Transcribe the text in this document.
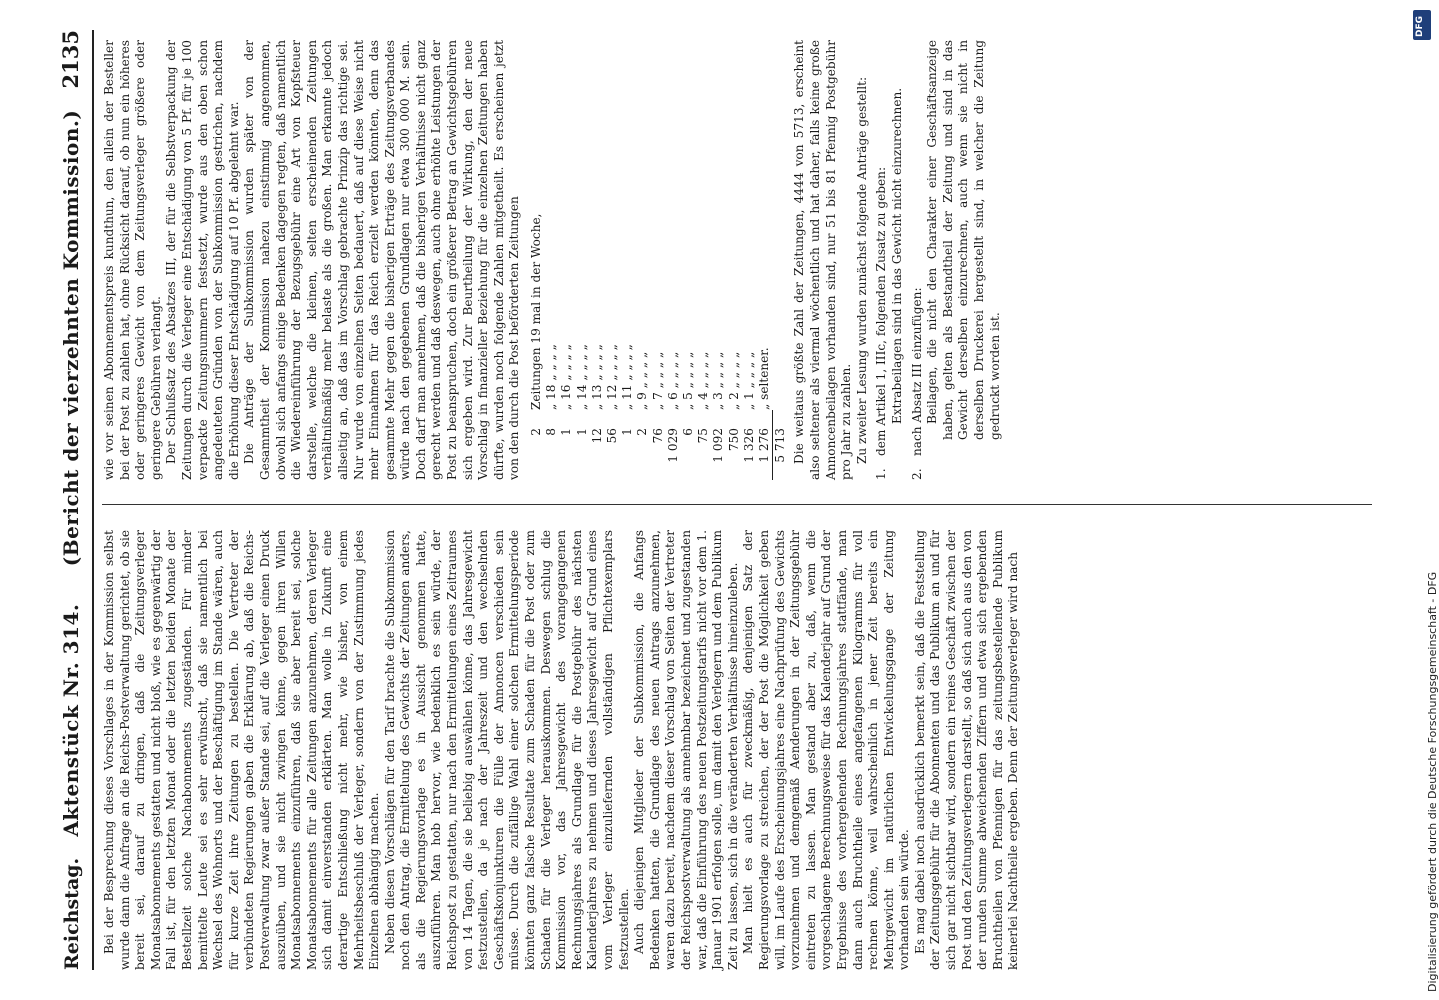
Reichstag.
Aktenstück Nr. 314.     (Bericht der vierzehnten Kommission.)
2135

Bei der Besprechung dieses Vorschlages in der Kommission selbst wurde dann die Anfrage an die Reichs-Postverwaltung gerichtet, ob sie bereit sei, darauf zu dringen, daß die Zeitungsverleger Monatsabonnements gestatten und nicht bloß, wie es gegenwärtig der Fall ist, für den letzten Monat oder die letzten beiden Monate der Bestellzeit solche Nachabonnements zugeständen. Für minder bemittelte Leute sei es sehr erwünscht, daß sie namentlich bei Wechsel des Wohnorts und der Beschäftigung im Stande wären, auch für kurze Zeit ihre Zeitungen zu bestellen. Die Vertreter der verbündeten Regierungen gaben die Erklärung ab, daß die Reichs-Postverwaltung zwar außer Stande sei, auf die Verleger einen Druck auszuüben, und sie nicht zwingen könne, gegen ihren Willen Monatsabonnements einzuführen, daß sie aber bereit sei, solche Monatsabonnements für alle Zeitungen anzunehmen, deren Verleger sich damit einverstanden erklärten. Man wolle in Zukunft eine derartige Entschließung nicht mehr, wie bisher, von einem Mehrheitsbeschluß der Verleger, sondern von der Zustimmung jedes Einzelnen abhängig machen. Neben diesen Vorschlägen für den Tarif brachte die Subkommission noch den Antrag, die Ermittelung des Gewichts der Zeitungen anders, als die Regierungsvorlage es in Aussicht genommen hatte, auszuführen. Man hob hervor, wie bedenklich es sein würde, der Reichspost zu gestatten, nur nach den Ermittelungen eines Zeitraumes von 14 Tagen, die sie beliebig auswählen könne, das Jahresgewicht festzustellen, da je nach der Jahreszeit und den wechselnden Geschäftskonjunkturen die Fülle der Annoncen verschieden sein müsse. Durch die zufällige Wahl einer solchen Ermittelungsperiode könnten ganz falsche Resultate zum Schaden für die Post oder zum Schaden für die Verleger herauskommen. Deswegen schlug die Kommission vor, das Jahresgewicht des vorangegangenen Rechnungsjahres als Grundlage für die Postgebühr des nächsten Kalenderjahres zu nehmen und dieses Jahresgewicht auf Grund eines vom Verleger einzuliefernden vollständigen Pflichtexemplars festzustellen. Auch diejenigen Mitglieder der Subkommission, die Anfangs Bedenken hatten, die Grundlage des neuen Antrags anzunehmen, waren dazu bereit, nachdem dieser Vorschlag von Seiten der Vertreter der Reichspostverwaltung als annehmbar bezeichnet und zugestanden war, daß die Einführung des neuen Postzeitungstarifs nicht vor dem 1. Januar 1901 erfolgen solle, um damit den Verlegern und dem Publikum Zeit zu lassen, sich in die veränderten Verhältnisse hineinzuleben. Man hielt es auch für zweckmäßig, denjenigen Satz der Regierungsvorlage zu streichen, der der Post die Möglichkeit geben will, im Laufe des Erscheinungsjahres eine Nachprüfung des Gewichts vorzunehmen und demgemäß Aenderungen in der Zeitungsgebühr eintreten zu lassen. Man gestand aber zu, daß, wenn die vorgeschlagene Berechnungsweise für das Kalenderjahr auf Grund der Ergebnisse des vorhergehenden Rechnungsjahres stattfände, man dann auch Bruchtheile eines angefangenen Kilogramms für voll rechnen könne, weil wahrscheinlich in jener Zeit bereits ein Mehrgewicht im natürlichen Entwickelungsgange der Zeitung vorhanden sein würde. Es mag dabei noch ausdrücklich bemerkt sein, daß die Feststellung der Zeitungsgebühr für die Abonnenten und das Publikum an und für sich gar nicht sichtbar wird, sondern ein reines Geschäft zwischen der Post und den Zeitungsverlegern darstellt, so daß sich auch aus den von der runden Summe abweichenden Ziffern und etwa sich ergebenden Bruchtheilen von Pfennigen für das zeitungsbestellende Publikum keinerlei Nachtheile ergeben. Denn der Zeitungsverleger wird nach

wie vor seinen Abonnementspreis kundthun, den allein der Besteller bei der Post zu zahlen hat, ohne Rücksicht darauf, ob nun ein höheres oder geringeres Gewicht von dem Zeitungsverleger größere oder geringere Gebühren verlangt. Der Schlußsatz des Absatzes III, der für die Selbstverpackung der Zeitungen durch die Verleger eine Entschädigung von 5 Pf. für je 100 verpackte Zeitungsnummern festsetzt, wurde aus den oben schon angedeuteten Gründen von der Subkommission gestrichen, nachdem die Erhöhung dieser Entschädigung auf 10 Pf. abgelehnt war. Die Anträge der Subkommission wurden später von der Gesammtheit der Kommission nahezu einstimmig angenommen, obwohl sich anfangs einige Bedenken dagegen regten, daß namentlich die Wiedereinführung der Bezugsgebühr eine Art von Kopfsteuer darstelle, welche die kleinen, selten erscheinenden Zeitungen verhältnißmäßig mehr belaste als die großen. Man erkannte jedoch allseitig an, daß das im Vorschlag gebrachte Prinzip das richtige sei. Nur wurde von einzelnen Seiten bedauert, daß auf diese Weise nicht mehr Einnahmen für das Reich erzielt werden könnten, denn das gesammte Mehr gegen die bisherigen Erträge des Zeitungsverbandes würde nach den gegebenen Grundlagen nur etwa 300 000 M. sein. Doch darf man annehmen, daß die bisherigen Verhältnisse nicht ganz gerecht werden und daß deswegen, auch ohne erhöhte Leistungen der Post zu beanspruchen, doch ein größerer Betrag an Gewichtsgebühren sich ergeben wird. Zur Beurtheilung der Wirkung, den der neue Vorschlag in finanzieller Beziehung für die einzelnen Zeitungen haben dürfte, wurden noch folgende Zahlen mitgetheilt. Es erscheinen jetzt von den durch die Post beförderten Zeitungen 2
Zeitungen 19 mal in der Woche,
8
„ 18 „ „ „ „
1
„ 16 „ „ „ „
1
„ 14 „ „ „ „
12
„ 13 „ „ „ „
56
„ 12 „ „ „ „
1
„ 11 „ „ „ „
2
„ 9 „ „ „ „
76
„ 7 „ „ „ „
1 029
„ 6 „ „ „ „
6
„ 5 „ „ „ „
75
„ 4 „ „ „ „
1 092
„ 3 „ „ „ „
750
„ 2 „ „ „ „
1 326
„ 1 „ „ „ „
1 276
„ seltener.
5 713 Die weitaus größte Zahl der Zeitungen, 4444 von 5713, erscheint also seltener als viermal wöchentlich und hat daher, falls keine große Annoncenbeilagen vorhanden sind, nur 51 bis 81 Pfennig Postgebühr pro Jahr zu zahlen. Zu zweiter Lesung wurden zunächst folgende Anträge gestellt:

1.
dem Artikel 1, IIIc, folgenden Zusatz zu geben: Extrabeilagen sind in das Gewicht nicht einzurechnen.

2.
nach Absatz III einzufügen: Beilagen, die nicht den Charakter einer Geschäftsanzeige haben, gelten als Bestandtheil der Zeitung und sind in das Gewicht derselben einzurechnen, auch wenn sie nicht in derselben Druckerei hergestellt sind, in welcher die Zeitung gedruckt worden ist.

DFG
Digitalisierung gefördert durch die Deutsche Forschungsgemeinschaft - DFG
